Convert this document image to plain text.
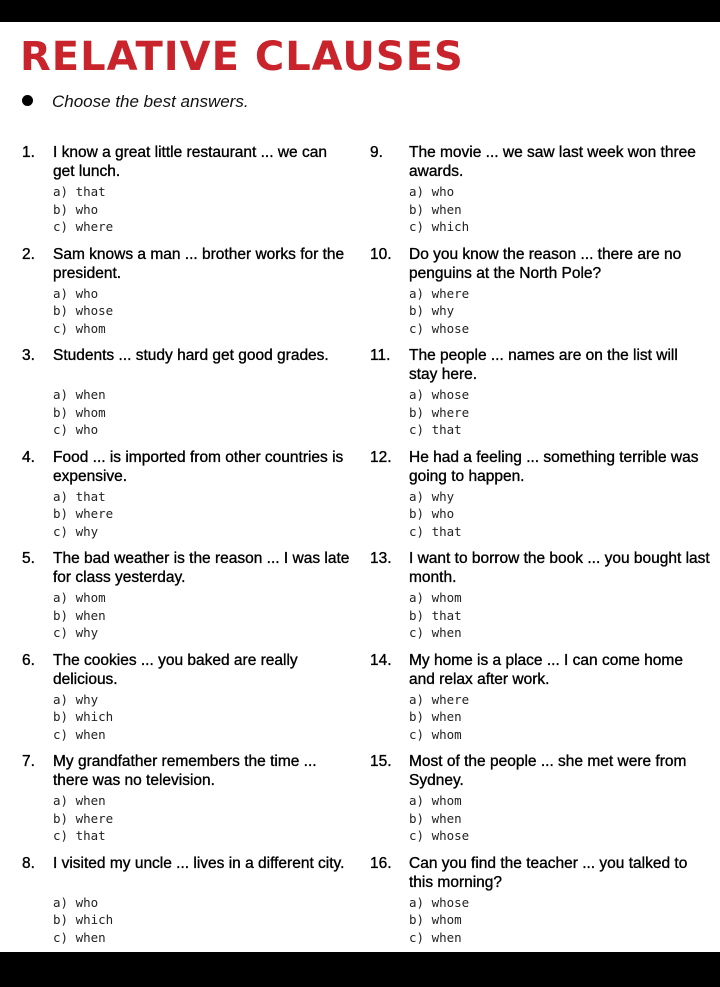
RELATIVE CLAUSES
Choose the best answers.
1. I know a great little restaurant ... we can get lunch.
a) that
b) who
c) where
2. Sam knows a man ... brother works for the president.
a) who
b) whose
c) whom
3. Students ... study hard get good grades.
a) when
b) whom
c) who
4. Food ... is imported from other countries is expensive.
a) that
b) where
c) why
5. The bad weather is the reason ... I was late for class yesterday.
a) whom
b) when
c) why
6. The cookies ... you baked are really delicious.
a) why
b) which
c) when
7. My grandfather remembers the time ... there was no television.
a) when
b) where
c) that
8. I visited my uncle ... lives in a different city.
a) who
b) which
c) when
9. The movie ... we saw last week won three awards.
a) who
b) when
c) which
10. Do you know the reason ... there are no penguins at the North Pole?
a) where
b) why
c) whose
11. The people ... names are on the list will stay here.
a) whose
b) where
c) that
12. He had a feeling ... something terrible was going to happen.
a) why
b) who
c) that
13. I want to borrow the book ... you bought last month.
a) whom
b) that
c) when
14. My home is a place ... I can come home and relax after work.
a) where
b) when
c) whom
15. Most of the people ... she met were from Sydney.
a) whom
b) when
c) whose
16. Can you find the teacher ... you talked to this morning?
a) whose
b) whom
c) when
